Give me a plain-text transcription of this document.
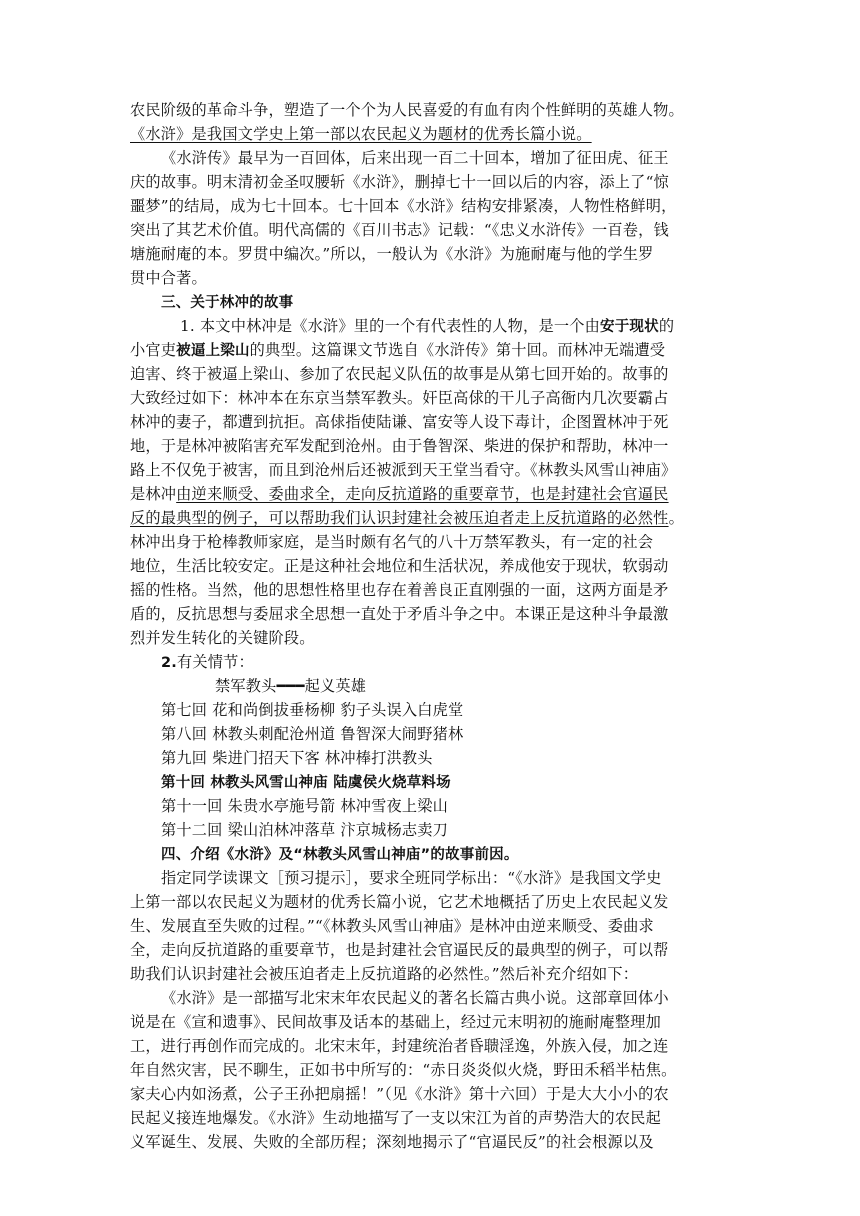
农民阶级的革命斗争，塑造了一个个为人民喜爱的有血有肉个性鲜明的英雄人物。
《水浒》是我国文学史上第一部以农民起义为题材的优秀长篇小说。
《水浒传》最早为一百回体，后来出现一百二十回本，增加了征田虎、征王
庆的故事。明末清初金圣叹腰斩《水浒》，删掉七十一回以后的内容，添上了“惊
噩梦”的结局，成为七十回本。七十回本《水浒》结构安排紧凑，人物性格鲜明，
突出了其艺术价值。明代高儒的《百川书志》记载：“《忠义水浒传》一百卷，钱
塘施耐庵的本。罗贯中编次。”所以，一般认为《水浒》为施耐庵与他的学生罗
贯中合著。
三、关于林冲的故事
1. 本文中林冲是《水浒》里的一个有代表性的人物，是一个由安于现状的
小官吏被逼上梁山的典型。这篇课文节选自《水浒传》第十回。而林冲无端遭受
迫害、终于被逼上梁山、参加了农民起义队伍的故事是从第七回开始的。故事的
大致经过如下：林冲本在东京当禁军教头。奸臣高俅的干儿子高衙内几次要霸占
林冲的妻子，都遭到抗拒。高俅指使陆谦、富安等人设下毒计，企图置林冲于死
地，于是林冲被陷害充军发配到沧州。由于鲁智深、柴进的保护和帮助，林冲一
路上不仅免于被害，而且到沧州后还被派到天王堂当看守。《林教头风雪山神庙》
是林冲由逆来顺受、委曲求全，走向反抗道路的重要章节，也是封建社会官逼民
反的最典型的例子，可以帮助我们认识封建社会被压迫者走上反抗道路的必然性。
林冲出身于枪棒教师家庭，是当时颇有名气的八十万禁军教头，有一定的社会
地位，生活比较安定。正是这种社会地位和生活状况，养成他安于现状，软弱动
摇的性格。当然，他的思想性格里也存在着善良正直刚强的一面，这两方面是矛
盾的，反抗思想与委屈求全思想一直处于矛盾斗争之中。本课正是这种斗争最激
烈并发生转化的关键阶段。
2.有关情节：
禁军教头━━━起义英雄
第七回 花和尚倒拔垂杨柳 豹子头误入白虎堂
第八回 林教头刺配沧州道 鲁智深大闹野猪林
第九回 柴进门招天下客 林冲棒打洪教头
第十回 林教头风雪山神庙 陆虞侯火烧草料场
第十一回 朱贵水亭施号箭 林冲雪夜上梁山
第十二回 梁山泊林冲落草 汴京城杨志卖刀
四、介绍《水浒》及“林教头风雪山神庙”的故事前因。
指定同学读课文［预习提示］，要求全班同学标出：“《水浒》是我国文学史
上第一部以农民起义为题材的优秀长篇小说，它艺术地概括了历史上农民起义发
生、发展直至失败的过程。”“《林教头风雪山神庙》是林冲由逆来顺受、委曲求
全，走向反抗道路的重要章节，也是封建社会官逼民反的最典型的例子，可以帮
助我们认识封建社会被压迫者走上反抗道路的必然性。”然后补充介绍如下：
《水浒》是一部描写北宋末年农民起义的著名长篇古典小说。这部章回体小
说是在《宣和遗事》、民间故事及话本的基础上，经过元末明初的施耐庵整理加
工，进行再创作而完成的。北宋末年，封建统治者昏聩淫逸，外族入侵，加之连
年自然灾害，民不聊生，正如书中所写的：“赤日炎炎似火烧，野田禾稻半枯焦。
家夫心内如汤煮，公子王孙把扇摇！”（见《水浒》第十六回）于是大大小小的农
民起义接连地爆发。《水浒》生动地描写了一支以宋江为首的声势浩大的农民起
义军诞生、发展、失败的全部历程；深刻地揭示了“官逼民反”的社会根源以及
